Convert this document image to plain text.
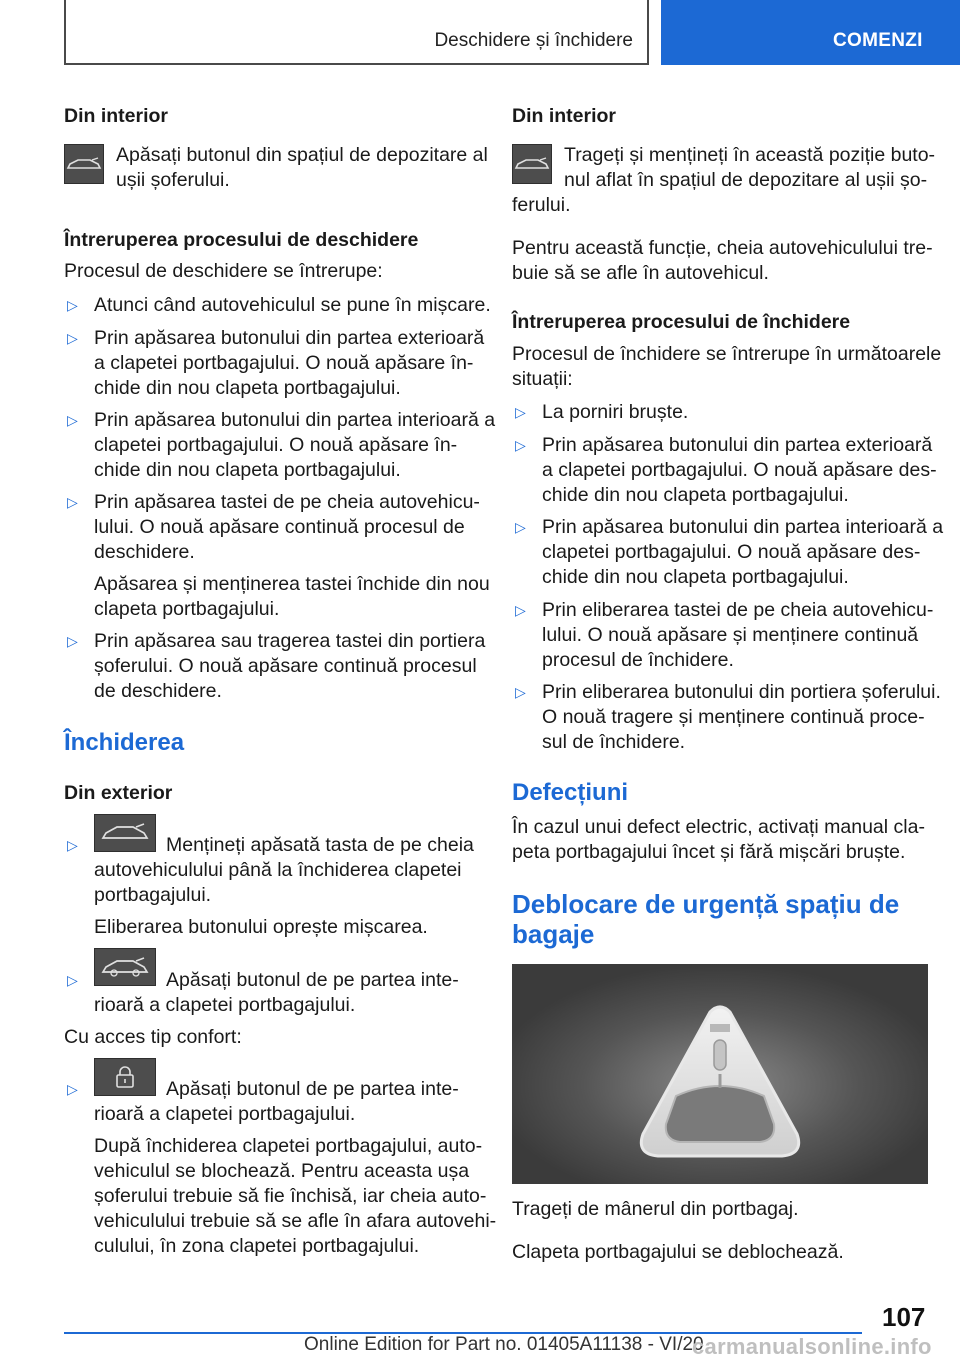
Deschidere și închidere	COMENZI
Din interior
Apăsați butonul din spațiul de depozitare al
ușii șoferului.
Întreruperea procesului de deschidere
Procesul de deschidere se întrerupe:
▷ Atunci când autovehiculul se pune în mișcare.
▷ Prin apăsarea butonului din partea exterioară
a clapetei portbagajului. O nouă apăsare în‐
chide din nou clapeta portbagajului.
▷ Prin apăsarea butonului din partea interioară a
clapetei portbagajului. O nouă apăsare în‐
chide din nou clapeta portbagajului.
▷ Prin apăsarea tastei de pe cheia autovehicu‐
lului. O nouă apăsare continuă procesul de
deschidere.
Apăsarea și menținerea tastei închide din nou
clapeta portbagajului.
▷ Prin apăsarea sau tragerea tastei din portiera
șoferului. O nouă apăsare continuă procesul
de deschidere.
Închiderea
Din exterior
▷	Mențineți apăsată tasta de pe cheia
autovehiculului până la închiderea clapetei
portbagajului.
Eliberarea butonului oprește mișcarea.
▷	Apăsați butonul de pe partea inte‐
rioară a clapetei portbagajului.
Cu acces tip confort:
▷	Apăsați butonul de pe partea inte‐
rioară a clapetei portbagajului.
După închiderea clapetei portbagajului, auto‐
vehiculul se blochează. Pentru aceasta ușa
șoferului trebuie să fie închisă, iar cheia auto‐
vehiculului trebuie să se afle în afara autovehi‐
culului, în zona clapetei portbagajului.
Din interior
Trageți și mențineți în această poziție buto‐
nul aflat în spațiul de depozitare al ușii șo‐
ferului.
Pentru această funcție, cheia autovehiculului tre‐
buie să se afle în autovehicul.
Întreruperea procesului de închidere
Procesul de închidere se întrerupe în următoarele
situații:
▷ La porniri bruște.
▷ Prin apăsarea butonului din partea exterioară
a clapetei portbagajului. O nouă apăsare des‐
chide din nou clapeta portbagajului.
▷ Prin apăsarea butonului din partea interioară a
clapetei portbagajului. O nouă apăsare des‐
chide din nou clapeta portbagajului.
▷ Prin eliberarea tastei de pe cheia autovehicu‐
lului. O nouă apăsare și menținere continuă
procesul de închidere.
▷ Prin eliberarea butonului din portiera șoferului.
O nouă tragere și menținere continuă proce‐
sul de închidere.
Defecțiuni
În cazul unui defect electric, activați manual cla‐
peta portbagajului încet și fără mișcări bruște.
Deblocare de urgență spațiu de
bagaje
Trageți de mânerul din portbagaj.
Clapeta portbagajului se deblochează.
107
Online Edition for Part no. 01405A11138 - VI/20
carmanualsonline.info
